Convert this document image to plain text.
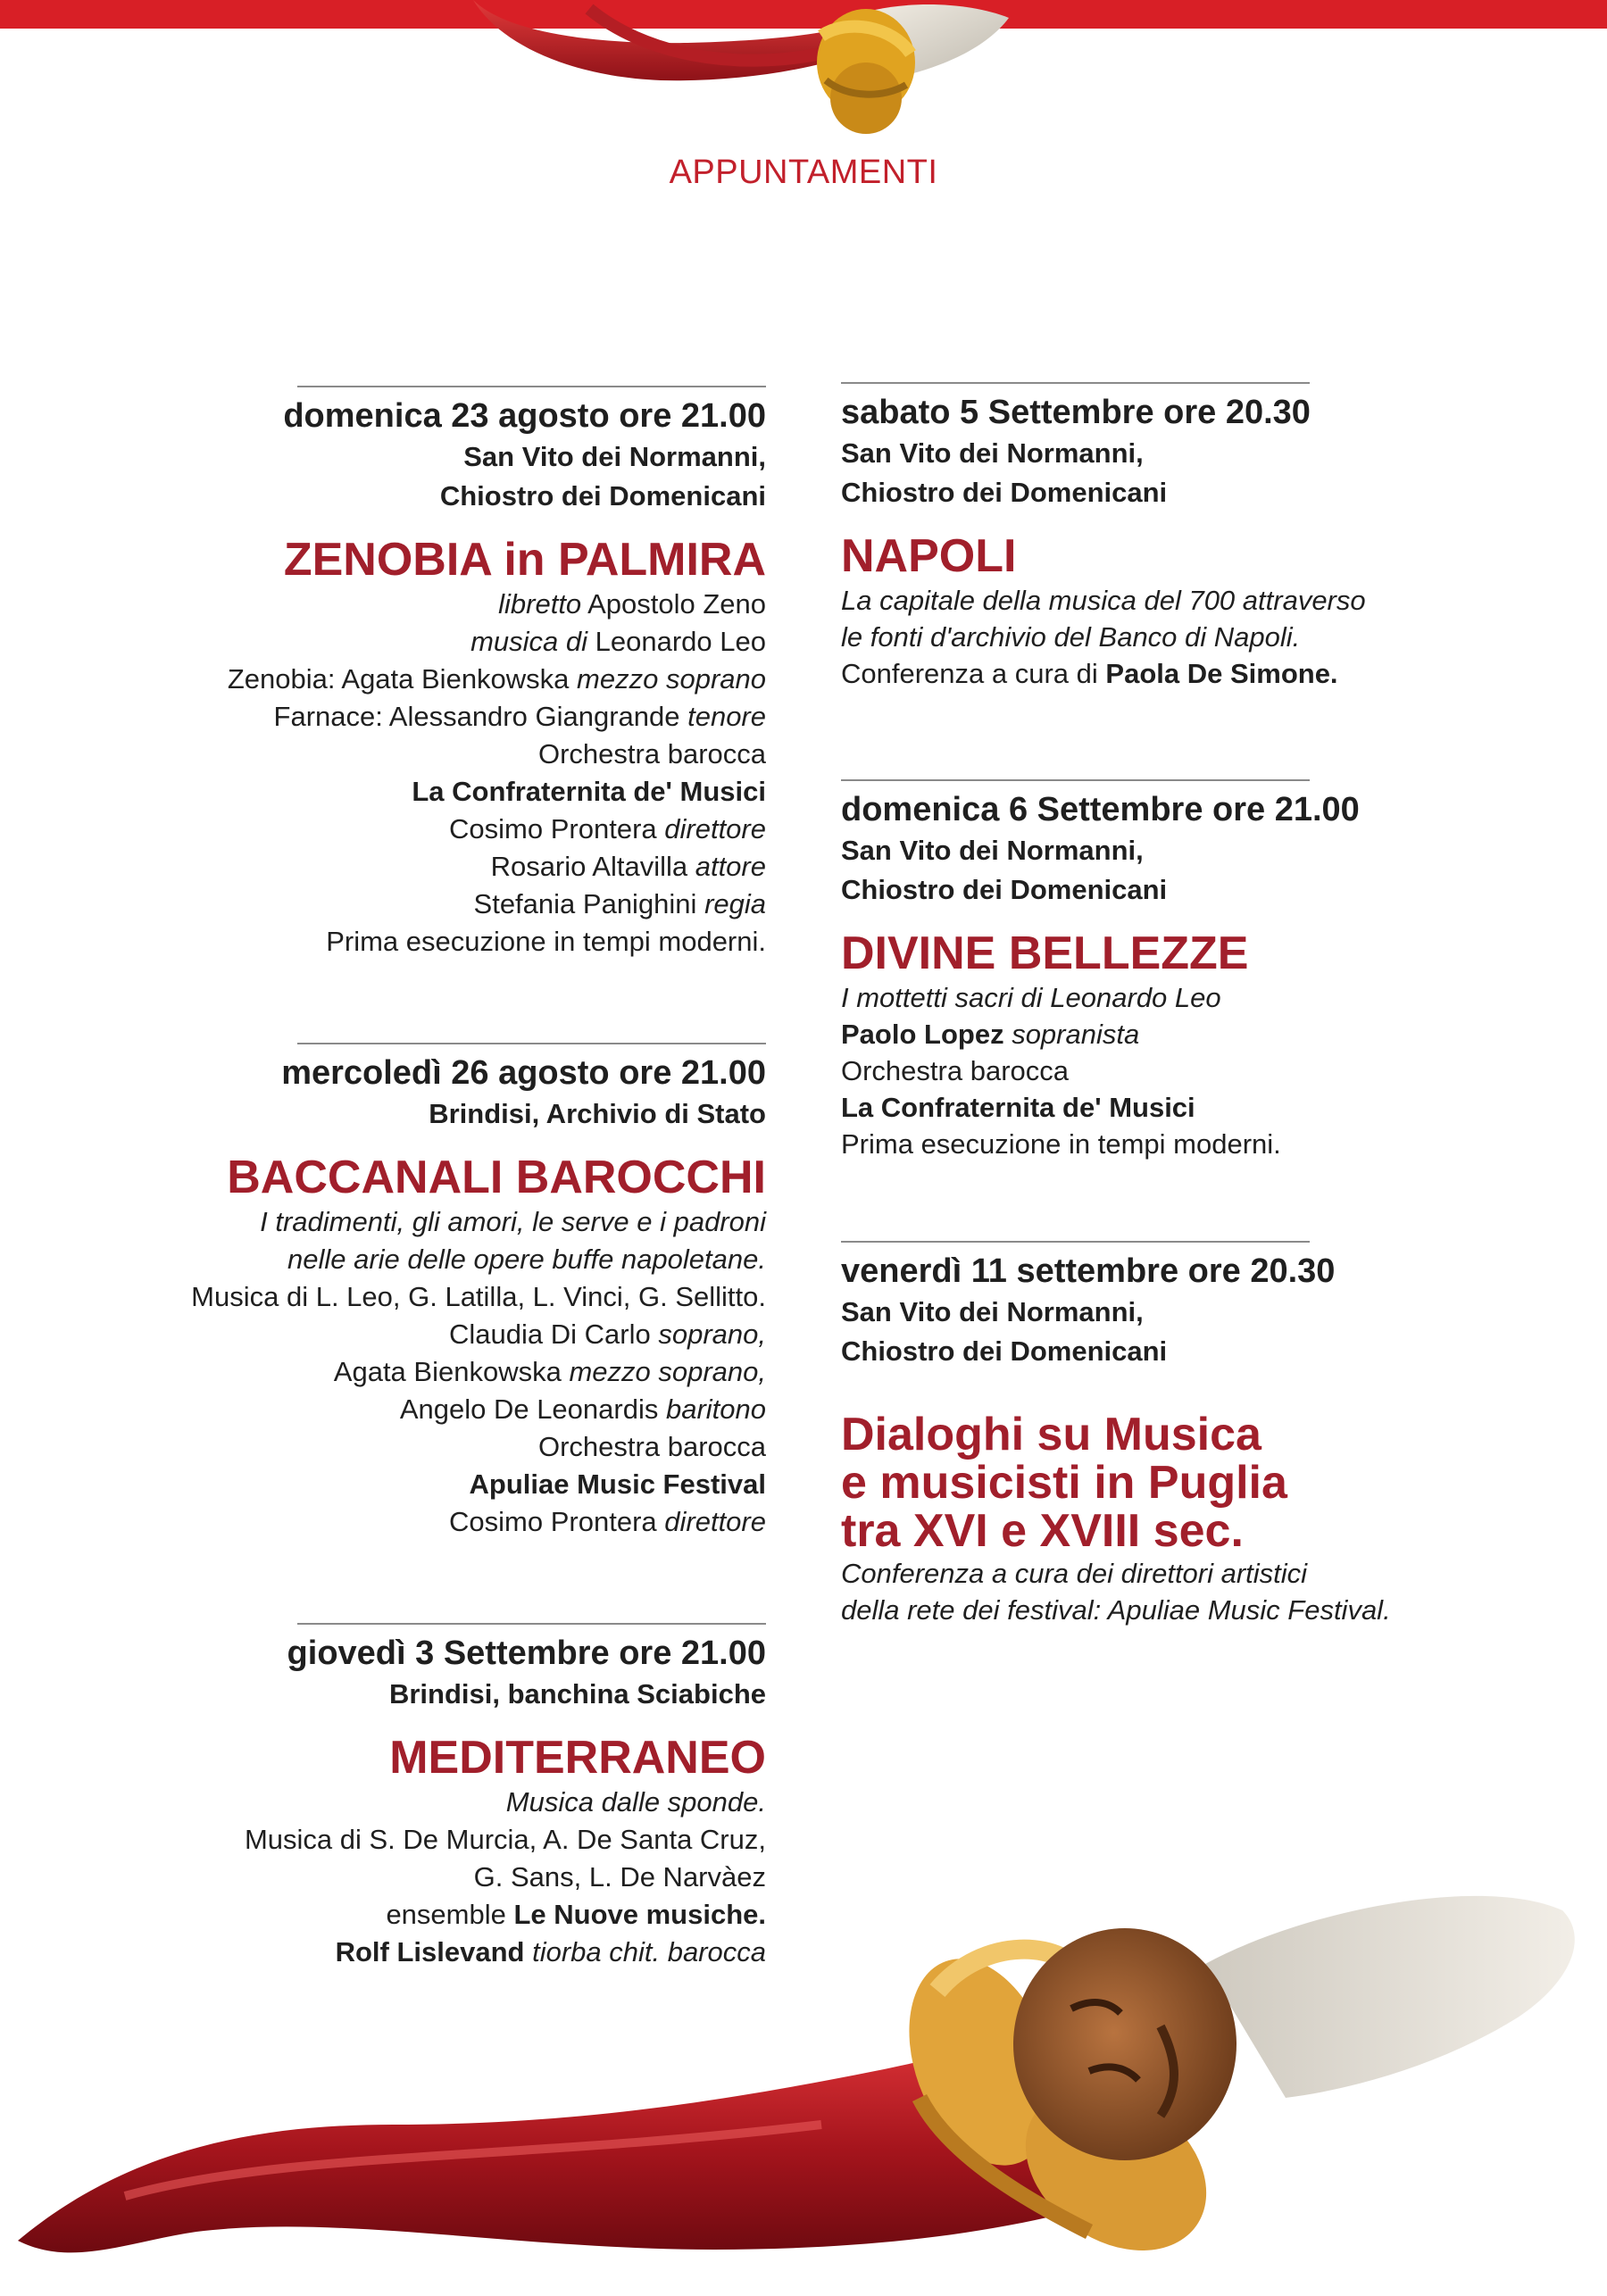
APPUNTAMENTI
domenica 23 agosto ore 21.00
San Vito dei Normanni,
Chiostro dei Domenicani
ZENOBIA in PALMIRA
libretto Apostolo Zeno
musica di Leonardo Leo
Zenobia: Agata Bienkowska mezzo soprano
Farnace: Alessandro Giangrande tenore
Orchestra barocca
La Confraternita de' Musici
Cosimo Prontera direttore
Rosario Altavilla attore
Stefania Panighini regia
Prima esecuzione in tempi moderni.
mercoledì 26 agosto ore 21.00
Brindisi, Archivio di Stato
BACCANALI BAROCCHI
I tradimenti, gli amori, le serve e i padroni
nelle arie delle opere buffe napoletane.
Musica di L. Leo, G. Latilla, L. Vinci, G. Sellitto.
Claudia Di Carlo soprano,
Agata Bienkowska mezzo soprano,
Angelo De Leonardis baritono
Orchestra barocca
Apuliae Music Festival
Cosimo Prontera direttore
giovedì 3 Settembre ore 21.00
Brindisi, banchina Sciabiche
MEDITERRANEO
Musica dalle sponde.
Musica di S. De Murcia, A. De Santa Cruz,
G. Sans, L. De Narvàez
ensemble Le Nuove musiche.
Rolf Lislevand tiorba chit. barocca
sabato 5 Settembre ore 20.30
San Vito dei Normanni,
Chiostro dei Domenicani
NAPOLI
La capitale della musica del 700 attraverso
le fonti d'archivio del Banco di Napoli.
Conferenza a cura di Paola De Simone.
domenica 6 Settembre ore 21.00
San Vito dei Normanni,
Chiostro dei Domenicani
DIVINE BELLEZZE
I mottetti sacri di Leonardo Leo
Paolo Lopez sopranista
Orchestra barocca
La Confraternita de' Musici
Prima esecuzione in tempi moderni.
venerdì 11 settembre ore 20.30
San Vito dei Normanni,
Chiostro dei Domenicani
Dialoghi su Musica
e musicisti in Puglia
tra XVI e XVIII sec.
Conferenza a cura dei direttori artistici
della rete dei festival: Apuliae Music Festival.
